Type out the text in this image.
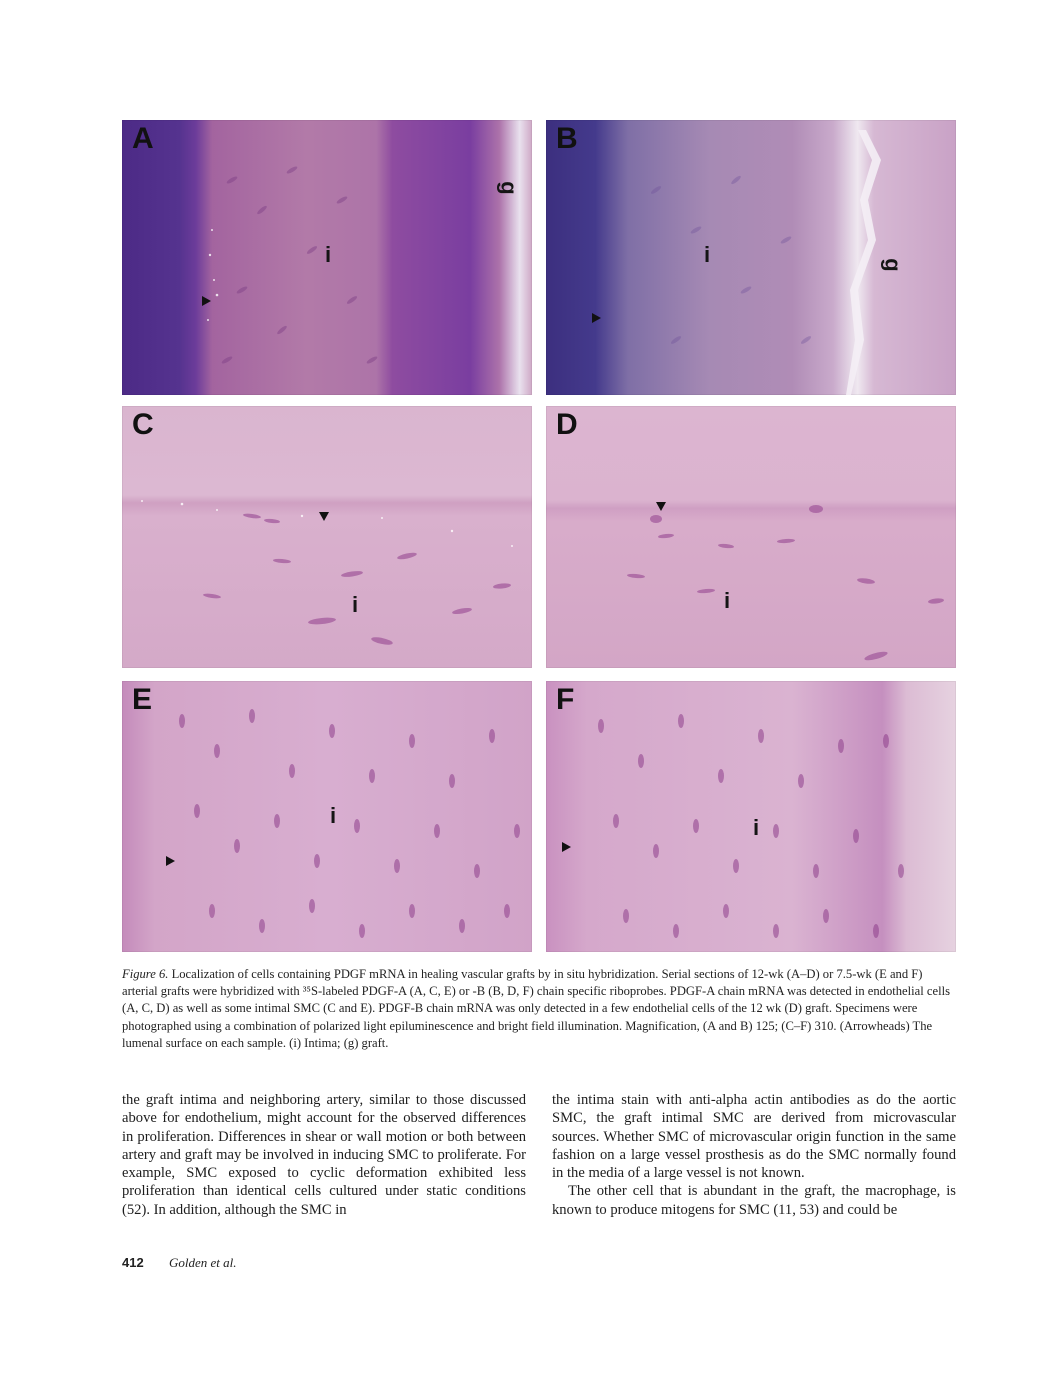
A
i
g
B
i	g
C
i
D
i
E
i
F
i
Figure 6. Localization of cells containing PDGF mRNA in healing vascular grafts by in situ hybridization. Serial sections of 12-wk (A–D) or 7.5-wk (E and F) arterial grafts were hybridized with ³⁵S-labeled PDGF-A (A, C, E) or -B (B, D, F) chain specific riboprobes. PDGF-A chain mRNA was detected in endothelial cells (A, C, D) as well as some intimal SMC (C and E). PDGF-B chain mRNA was only detected in a few endothelial cells of the 12 wk (D) graft. Specimens were photographed using a combination of polarized light epiluminescence and bright field illumination. Magnification, (A and B) 125; (C–F) 310. (Arrowheads) The lumenal surface on each sample. (i) Intima; (g) graft.

the graft intima and neighboring artery, similar to those discussed above for endothelium, might account for the observed differences in proliferation. Differences in shear or wall motion or both between artery and graft may be involved in inducing SMC to proliferate. For example, SMC exposed to cyclic deformation exhibited less proliferation than identical cells cultured under static conditions (52). In addition, although the SMC in

the intima stain with anti-alpha actin antibodies as do the aortic SMC, the graft intimal SMC are derived from microvascular sources. Whether SMC of microvascular origin function in the same fashion on a large vessel prosthesis as do the SMC normally found in the media of a large vessel is not known.

The other cell that is abundant in the graft, the macrophage, is known to produce mitogens for SMC (11, 53) and could be

412 Golden et al.
